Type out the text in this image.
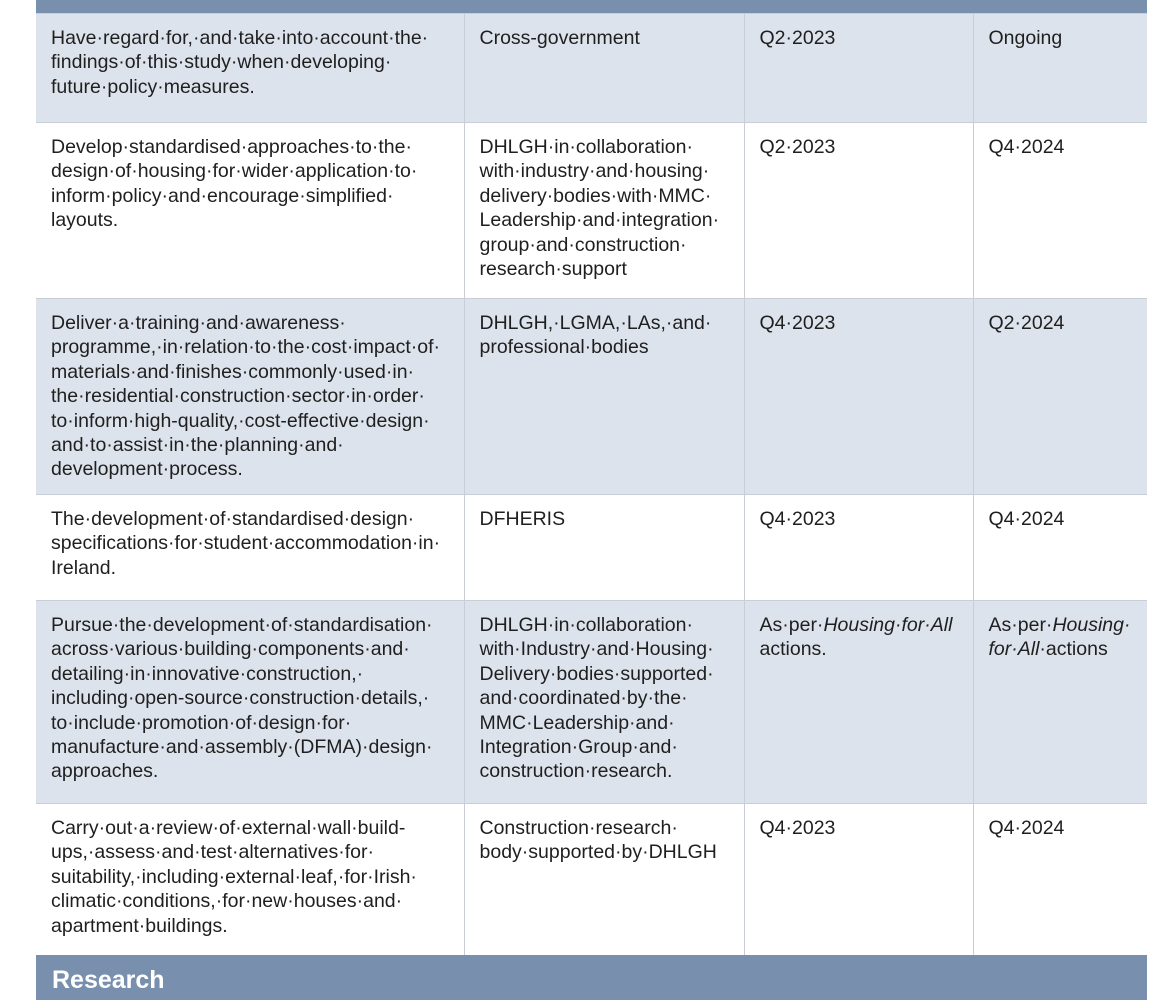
Have·regard·for,·and·take·into·account·the· findings·of·this·study·when·developing· future·policy·measures.	Cross-government	Q2·2023	Ongoing
Develop·standardised·approaches·to·the· design·of·housing·for·wider·application·to· inform·policy·and·encourage·simplified· layouts.	DHLGH·in·collaboration· with·industry·and·housing· delivery·bodies·with·MMC· Leadership·and·integration· group·and·construction· research·support	Q2·2023	Q4·2024
Deliver·a·training·and·awareness· programme,·in·relation·to·the·cost·impact·of· materials·and·finishes·commonly·used·in· the·residential·construction·sector·in·order· to·inform·high-quality,·cost-effective·design· and·to·assist·in·the·planning·and· development·process.	DHLGH,·LGMA,·LAs,·and· professional·bodies	Q4·2023	Q2·2024
The·development·of·standardised·design· specifications·for·student·accommodation·in· Ireland.	DFHERIS	Q4·2023	Q4·2024
Pursue·the·development·of·standardisation· across·various·building·components·and· detailing·in·innovative·construction,· including·open-source·construction·details,· to·include·promotion·of·design·for· manufacture·and·assembly·(DFMA)·design· approaches.	DHLGH·in·collaboration· with·Industry·and·Housing· Delivery·bodies·supported· and·coordinated·by·the· MMC·Leadership·and· Integration·Group·and· construction·research.	As·per·Housing·for·All actions.	As·per·Housing· for·All·actions
Carry·out·a·review·of·external·wall·build- ups,·assess·and·test·alternatives·for· suitability,·including·external·leaf,·for·Irish· climatic·conditions,·for·new·houses·and· apartment·buildings.	Construction·research· body·supported·by·DHLGH	Q4·2023	Q4·2024
Research
